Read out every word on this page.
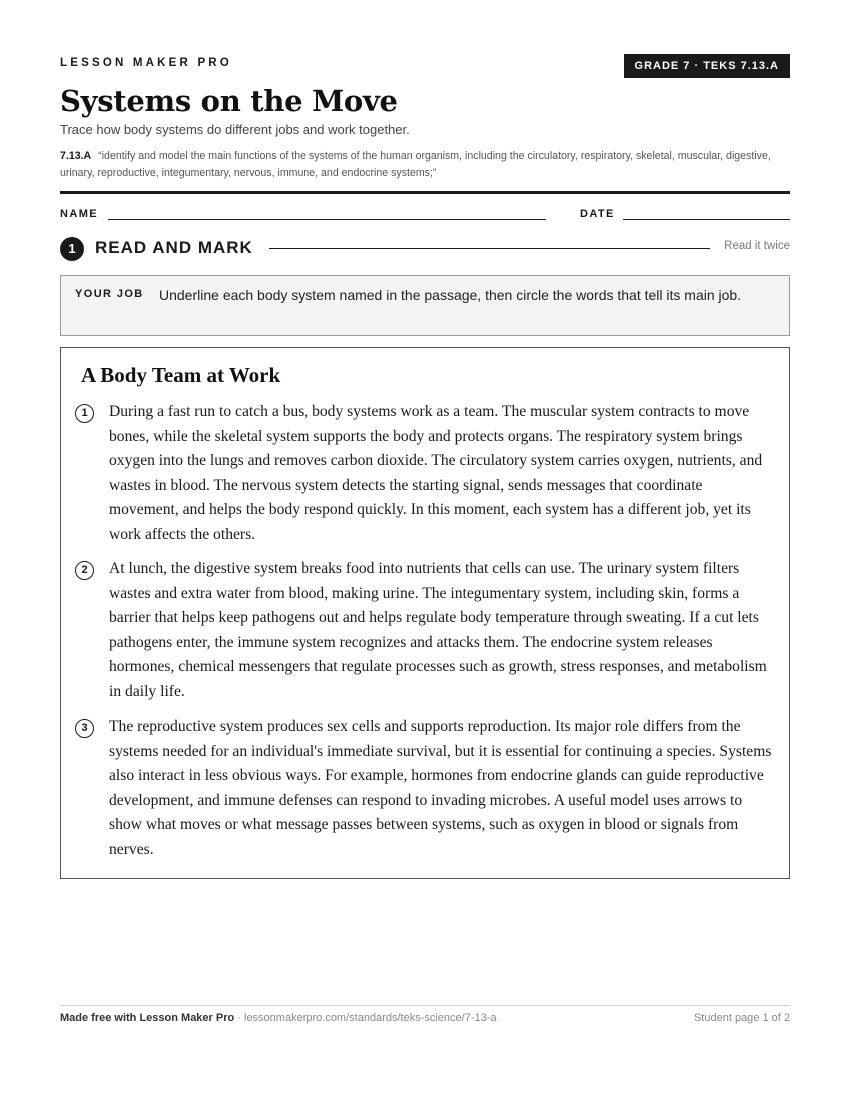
LESSON MAKER PRO	GRADE 7 · TEKS 7.13.A
Systems on the Move
Trace how body systems do different jobs and work together.
7.13.A “identify and model the main functions of the systems of the human organism, including the circulatory, respiratory, skeletal, muscular, digestive, urinary, reproductive, integumentary, nervous, immune, and endocrine systems;”
NAME	DATE
1	READ AND MARK	Read it twice
YOUR JOB Underline each body system named in the passage, then circle the words that tell its main job.
A Body Team at Work
1	During a fast run to catch a bus, body systems work as a team. The muscular system contracts to move bones, while the skeletal system supports the body and protects organs. The respiratory system brings oxygen into the lungs and removes carbon dioxide. The circulatory system carries oxygen, nutrients, and wastes in blood. The nervous system detects the starting signal, sends messages that coordinate movement, and helps the body respond quickly. In this moment, each system has a different job, yet its work affects the others.

2	At lunch, the digestive system breaks food into nutrients that cells can use. The urinary system filters wastes and extra water from blood, making urine. The integumentary system, including skin, forms a barrier that helps keep pathogens out and helps regulate body temperature through sweating. If a cut lets pathogens enter, the immune system recognizes and attacks them. The endocrine system releases hormones, chemical messengers that regulate processes such as growth, stress responses, and metabolism in daily life.

3	The reproductive system produces sex cells and supports reproduction. Its major role differs from the systems needed for an individual's immediate survival, but it is essential for continuing a species. Systems also interact in less obvious ways. For example, hormones from endocrine glands can guide reproductive development, and immune defenses can respond to invading microbes. A useful model uses arrows to show what moves or what message passes between systems, such as oxygen in blood or signals from nerves.

Made free with Lesson Maker Pro · lessonmakerpro.com/standards/teks-science/7-13-a	Student page 1 of 2
